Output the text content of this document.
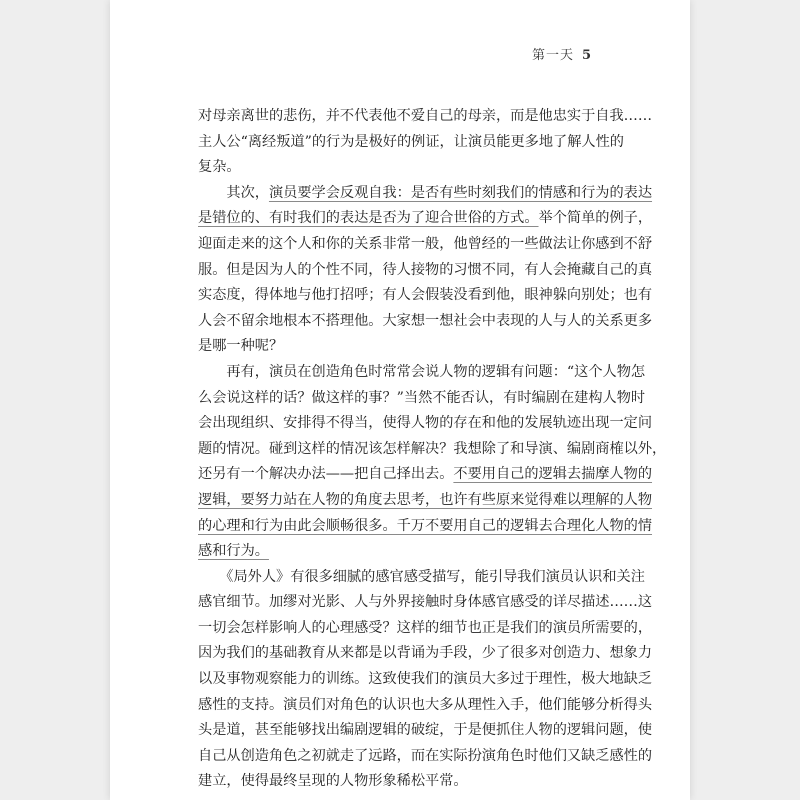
第一天 5
对母亲离世的悲伤，并不代表他不爱自己的母亲，而是他忠实于自我……
主人公“离经叛道”的行为是极好的例证，让演员能更多地了解人性的
复杂。
　　其次，演员要学会反观自我：是否有些时刻我们的情感和行为的表达
是错位的、有时我们的表达是否为了迎合世俗的方式。举个简单的例子，
迎面走来的这个人和你的关系非常一般，他曾经的一些做法让你感到不舒
服。但是因为人的个性不同，待人接物的习惯不同，有人会掩藏自己的真
实态度，得体地与他打招呼；有人会假装没看到他，眼神躲向别处；也有
人会不留余地根本不搭理他。大家想一想社会中表现的人与人的关系更多
是哪一种呢？
　　再有，演员在创造角色时常常会说人物的逻辑有问题：“这个人物怎
么会说这样的话？做这样的事？”当然不能否认，有时编剧在建构人物时
会出现组织、安排得不得当，使得人物的存在和他的发展轨迹出现一定问
题的情况。碰到这样的情况该怎样解决？我想除了和导演、编剧商榷以外，
还另有一个解决办法——把自己择出去。不要用自己的逻辑去揣摩人物的
逻辑，要努力站在人物的角度去思考，也许有些原来觉得难以理解的人物
的心理和行为由此会顺畅很多。千万不要用自己的逻辑去合理化人物的情
感和行为。
　　《局外人》有很多细腻的感官感受描写，能引导我们演员认识和关注
感官细节。加缪对光影、人与外界接触时身体感官感受的详尽描述……这
一切会怎样影响人的心理感受？这样的细节也正是我们的演员所需要的，
因为我们的基础教育从来都是以背诵为手段，少了很多对创造力、想象力
以及事物观察能力的训练。这致使我们的演员大多过于理性，极大地缺乏
感性的支持。演员们对角色的认识也大多从理性入手，他们能够分析得头
头是道，甚至能够找出编剧逻辑的破绽，于是便抓住人物的逻辑问题，使
自己从创造角色之初就走了远路，而在实际扮演角色时他们又缺乏感性的
建立，使得最终呈现的人物形象稀松平常。
